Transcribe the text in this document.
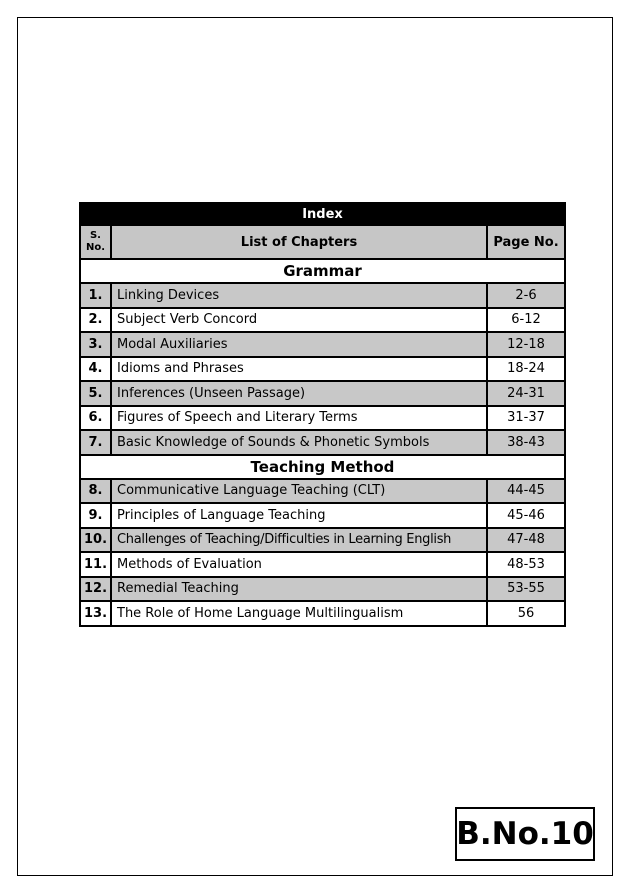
Index		
S.
No.	List of Chapters	Page No.
Grammar		
1.	Linking Devices	2-6
2.	Subject Verb Concord	6-12
3.	Modal Auxiliaries	12-18
4.	Idioms and Phrases	18-24
5.	Inferences (Unseen Passage)	24-31
6.	Figures of Speech and Literary Terms	31-37
7.	Basic Knowledge of Sounds & Phonetic Symbols	38-43
Teaching Method		
8.	Communicative Language Teaching (CLT)	44-45
9.	Principles of Language Teaching	45-46
10.	Challenges of Teaching/Difficulties in Learning English	47-48
11.	Methods of Evaluation	48-53
12.	Remedial Teaching	53-55
13.	The Role of Home Language Multilingualism	56
B.No.10
